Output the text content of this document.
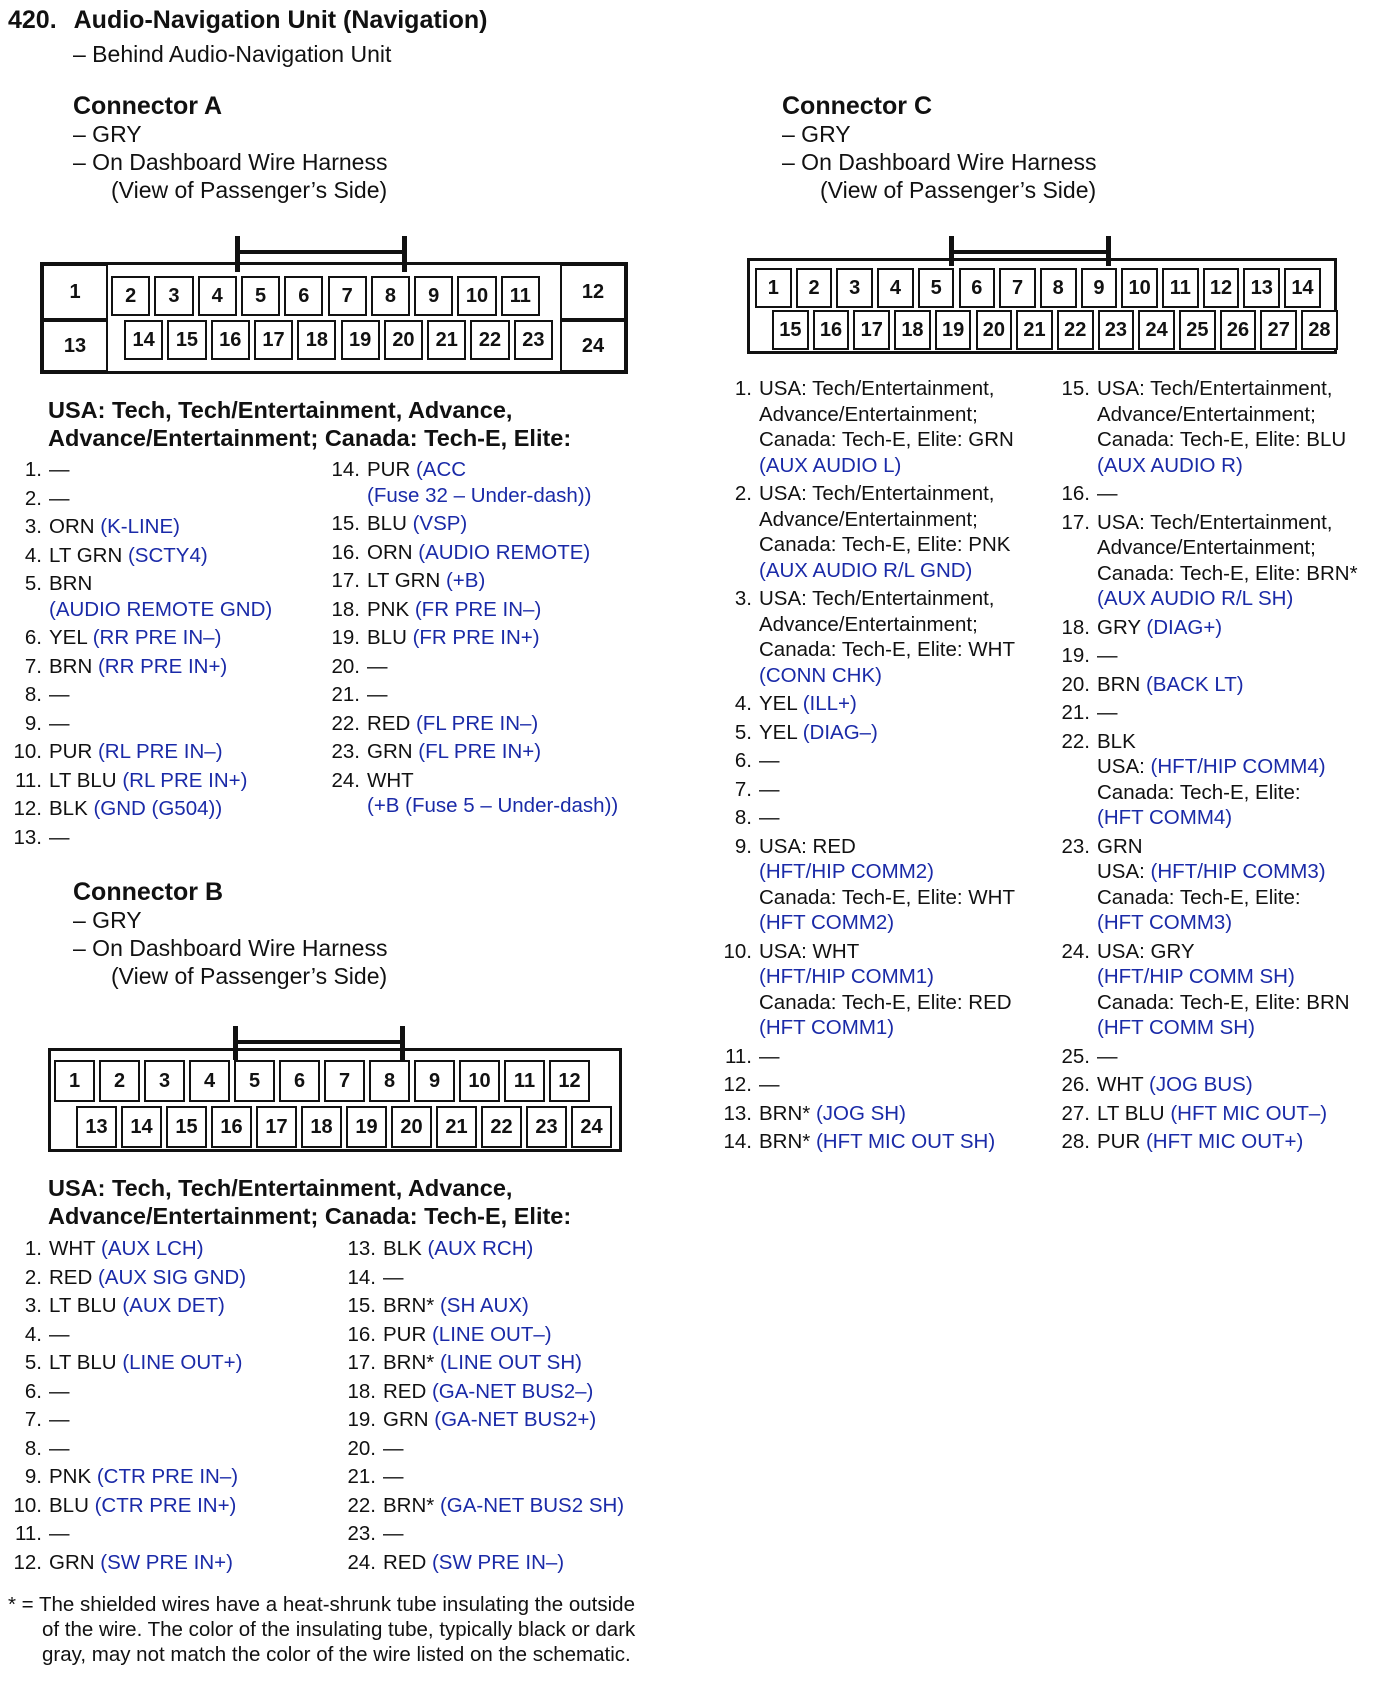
420. Audio-Navigation Unit (Navigation)
– Behind Audio-Navigation Unit
Connector A
– GRY
– On Dashboard Wire Harness
(View of Passenger’s Side)
1
13
12
24
2
14
3
15
4
16
5
17
6
18
7
19
8
20
9
21
10
22
11
23
USA: Tech, Tech/Entertainment, Advance,
Advance/Entertainment; Canada: Tech-E, Elite:
1. —
2. —
3. ORN (K-LINE)
4. LT GRN (SCTY4)
5. BRN
(AUDIO REMOTE GND)
6. YEL (RR PRE IN–)
7. BRN (RR PRE IN+)
8. —
9. —
10. PUR (RL PRE IN–)
11. LT BLU (RL PRE IN+)
12. BLK (GND (G504))
13. —
14. PUR (ACC
(Fuse 32 – Under-dash))
15. BLU (VSP)
16. ORN (AUDIO REMOTE)
17. LT GRN (+B)
18. PNK (FR PRE IN–)
19. BLU (FR PRE IN+)
20. —
21. —
22. RED (FL PRE IN–)
23. GRN (FL PRE IN+)
24. WHT
(+B (Fuse 5 – Under-dash))
Connector B
– GRY
– On Dashboard Wire Harness
(View of Passenger’s Side)
1
13
2
14
3
15
4
16
5
17
6
18
7
19
8
20
9
21
10
22
11
23
12
24
USA: Tech, Tech/Entertainment, Advance,
Advance/Entertainment; Canada: Tech-E, Elite:
1. WHT (AUX LCH)
2. RED (AUX SIG GND)
3. LT BLU (AUX DET)
4. —
5. LT BLU (LINE OUT+)
6. —
7. —
8. —
9. PNK (CTR PRE IN–)
10. BLU (CTR PRE IN+)
11. —
12. GRN (SW PRE IN+)
13. BLK (AUX RCH)
14. —
15. BRN* (SH AUX)
16. PUR (LINE OUT–)
17. BRN* (LINE OUT SH)
18. RED (GA-NET BUS2–)
19. GRN (GA-NET BUS2+)
20. —
21. —
22. BRN* (GA-NET BUS2 SH)
23. —
24. RED (SW PRE IN–)
* = The shielded wires have a heat-shrunk tube insulating the outside
of the wire. The color of the insulating tube, typically black or dark
gray, may not match the color of the wire listed on the schematic.
Connector C
– GRY
– On Dashboard Wire Harness
(View of Passenger’s Side)
1
15
2
16
3
17
4
18
5
19
6
20
7
21
8
22
9
23
10
24
11
25
12
26
13
27
14
28
1. USA: Tech/Entertainment,
Advance/Entertainment;
Canada: Tech-E, Elite: GRN
(AUX AUDIO L)
2. USA: Tech/Entertainment,
Advance/Entertainment;
Canada: Tech-E, Elite: PNK
(AUX AUDIO R/L GND)
3. USA: Tech/Entertainment,
Advance/Entertainment;
Canada: Tech-E, Elite: WHT
(CONN CHK)
4. YEL (ILL+)
5. YEL (DIAG–)
6. —
7. —
8. —
9. USA: RED
(HFT/HIP COMM2)
Canada: Tech-E, Elite: WHT
(HFT COMM2)
10. USA: WHT
(HFT/HIP COMM1)
Canada: Tech-E, Elite: RED
(HFT COMM1)
11. —
12. —
13. BRN* (JOG SH)
14. BRN* (HFT MIC OUT SH)
15. USA: Tech/Entertainment,
Advance/Entertainment;
Canada: Tech-E, Elite: BLU
(AUX AUDIO R)
16. —
17. USA: Tech/Entertainment,
Advance/Entertainment;
Canada: Tech-E, Elite: BRN*
(AUX AUDIO R/L SH)
18. GRY (DIAG+)
19. —
20. BRN (BACK LT)
21. —
22. BLK
USA: (HFT/HIP COMM4)
Canada: Tech-E, Elite:
(HFT COMM4)
23. GRN
USA: (HFT/HIP COMM3)
Canada: Tech-E, Elite:
(HFT COMM3)
24. USA: GRY
(HFT/HIP COMM SH)
Canada: Tech-E, Elite: BRN
(HFT COMM SH)
25. —
26. WHT (JOG BUS)
27. LT BLU (HFT MIC OUT–)
28. PUR (HFT MIC OUT+)
